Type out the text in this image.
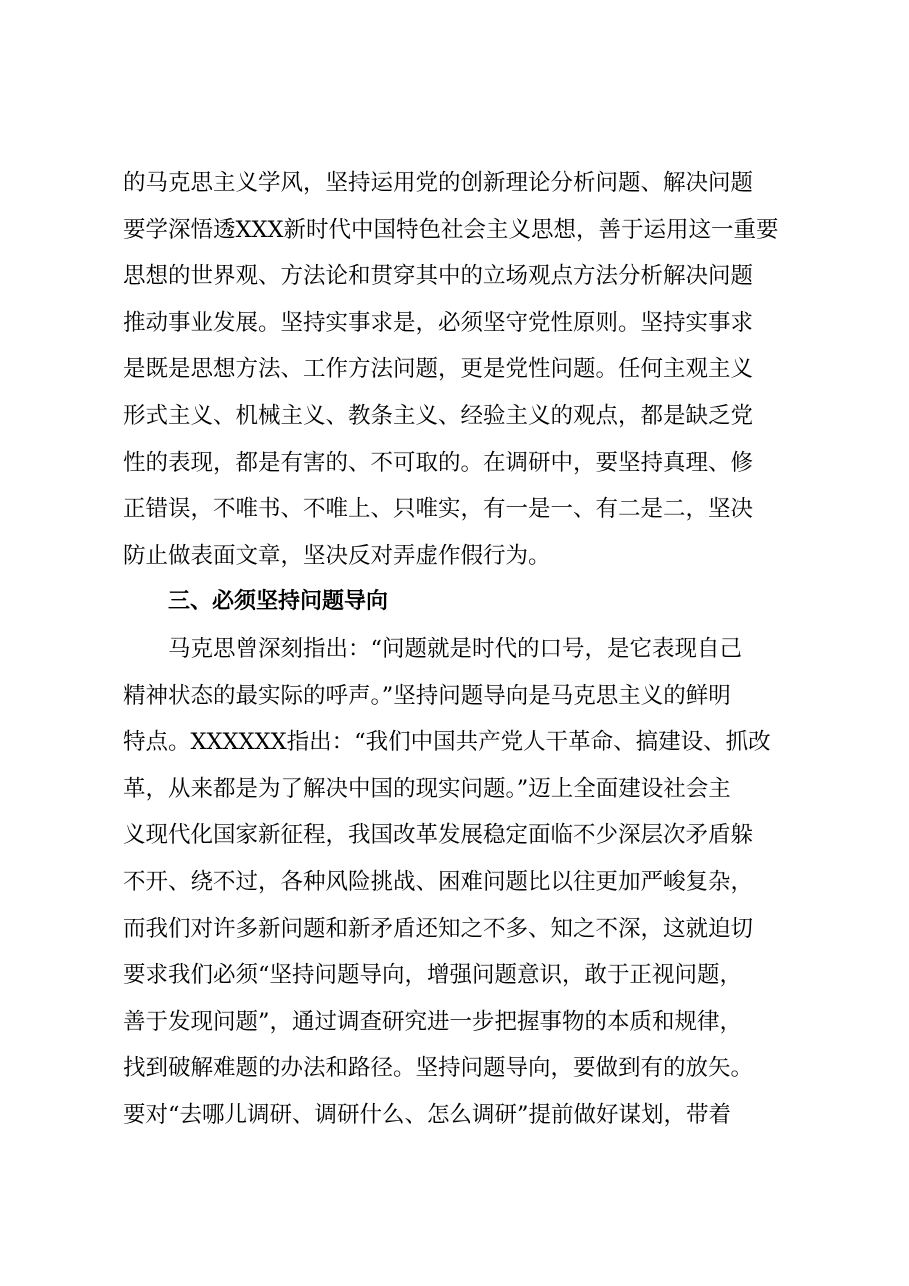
的马克思主义学风，坚持运用党的创新理论分析问题、解决问题
要学深悟透XXX新时代中国特色社会主义思想，善于运用这一重要
思想的世界观、方法论和贯穿其中的立场观点方法分析解决问题
推动事业发展。坚持实事求是，必须坚守党性原则。坚持实事求
是既是思想方法、工作方法问题，更是党性问题。任何主观主义
形式主义、机械主义、教条主义、经验主义的观点，都是缺乏党
性的表现，都是有害的、不可取的。在调研中，要坚持真理、修
正错误，不唯书、不唯上、只唯实，有一是一、有二是二，坚决
防止做表面文章，坚决反对弄虚作假行为。
三、必须坚持问题导向
马克思曾深刻指出：“问题就是时代的口号，是它表现自己
精神状态的最实际的呼声。”坚持问题导向是马克思主义的鲜明
特点。XXXXXX指出：“我们中国共产党人干革命、搞建设、抓改
革，从来都是为了解决中国的现实问题。”迈上全面建设社会主
义现代化国家新征程，我国改革发展稳定面临不少深层次矛盾躲
不开、绕不过，各种风险挑战、困难问题比以往更加严峻复杂，
而我们对许多新问题和新矛盾还知之不多、知之不深，这就迫切
要求我们必须“坚持问题导向，增强问题意识，敢于正视问题，
善于发现问题”，通过调查研究进一步把握事物的本质和规律，
找到破解难题的办法和路径。坚持问题导向，要做到有的放矢。
要对“去哪儿调研、调研什么、怎么调研”提前做好谋划，带着
